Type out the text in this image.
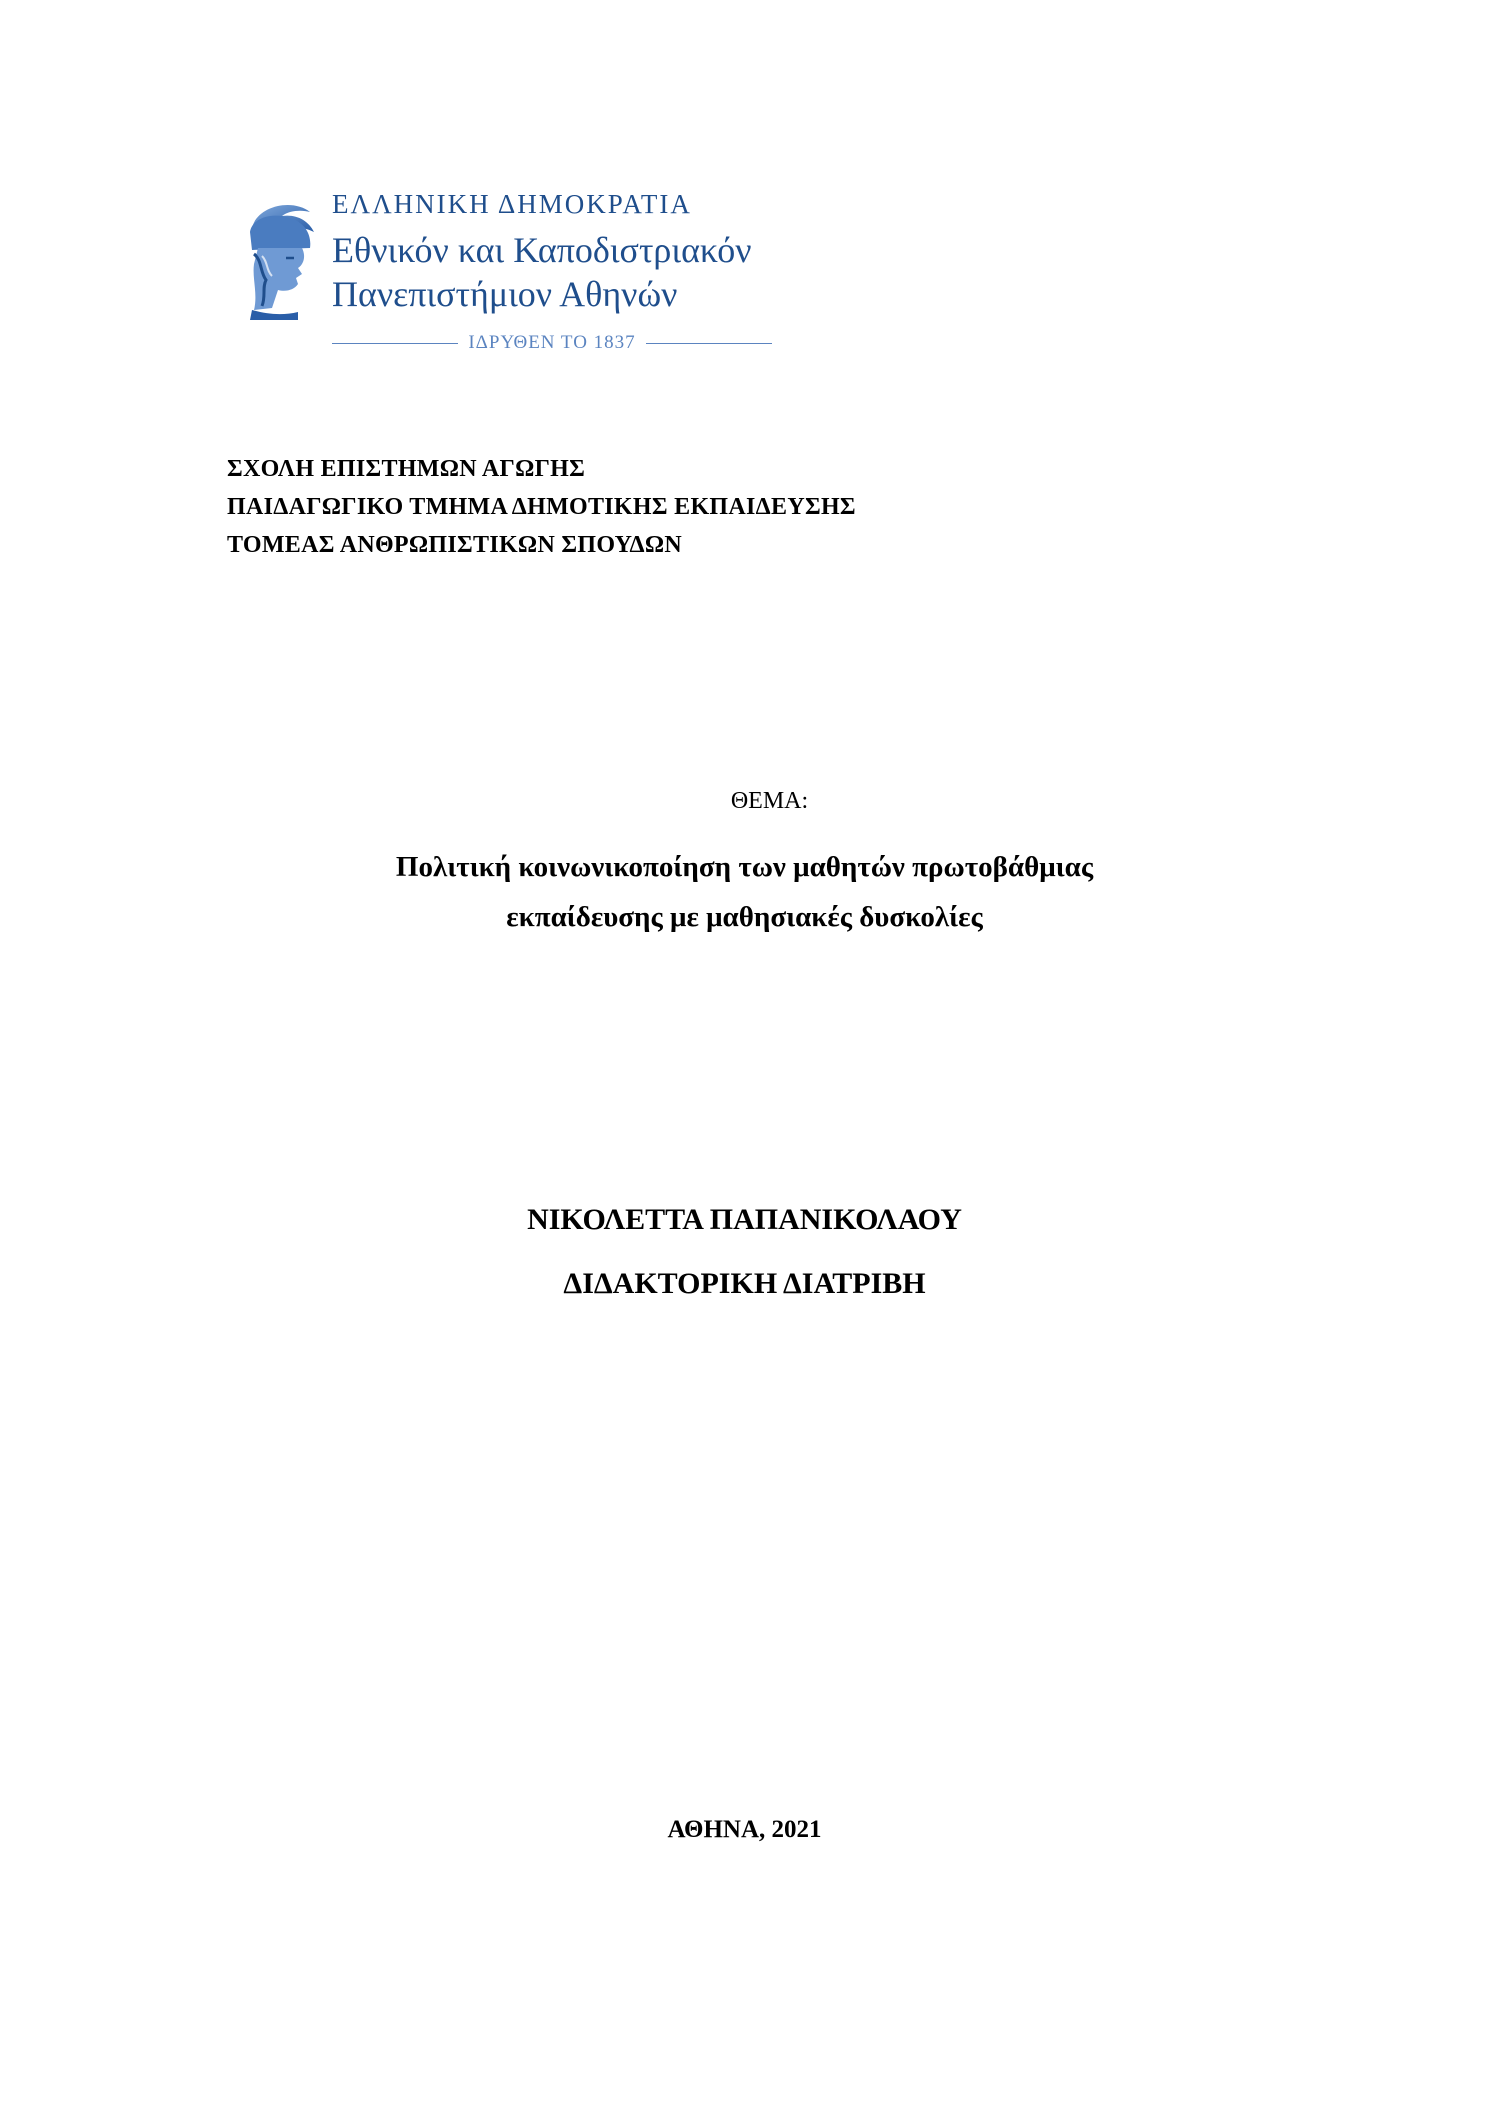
ΕΛΛΗΝΙΚΗ ΔΗΜΟΚΡΑΤΙΑ
Εθνικόν και Καποδιστριακόν
Πανεπιστήμιον Αθηνών
ΙΔΡΥΘΕΝ ΤΟ 1837
ΣΧΟΛΗ ΕΠΙΣΤΗΜΩΝ ΑΓΩΓΗΣ
ΠΑΙΔΑΓΩΓΙΚΟ ΤΜΗΜΑ ΔΗΜΟΤΙΚΗΣ ΕΚΠΑΙΔΕΥΣΗΣ
ΤΟΜΕΑΣ ΑΝΘΡΩΠΙΣΤΙΚΩΝ ΣΠΟΥΔΩΝ
ΘΕΜΑ:
Πολιτική κοινωνικοποίηση των μαθητών πρωτοβάθμιας
εκπαίδευσης με μαθησιακές δυσκολίες
ΝΙΚΟΛΕΤΤΑ ΠΑΠΑΝΙΚΟΛΑΟΥ
ΔΙΔΑΚΤΟΡΙΚΗ ΔΙΑΤΡΙΒΗ
ΑΘΗΝΑ, 2021
